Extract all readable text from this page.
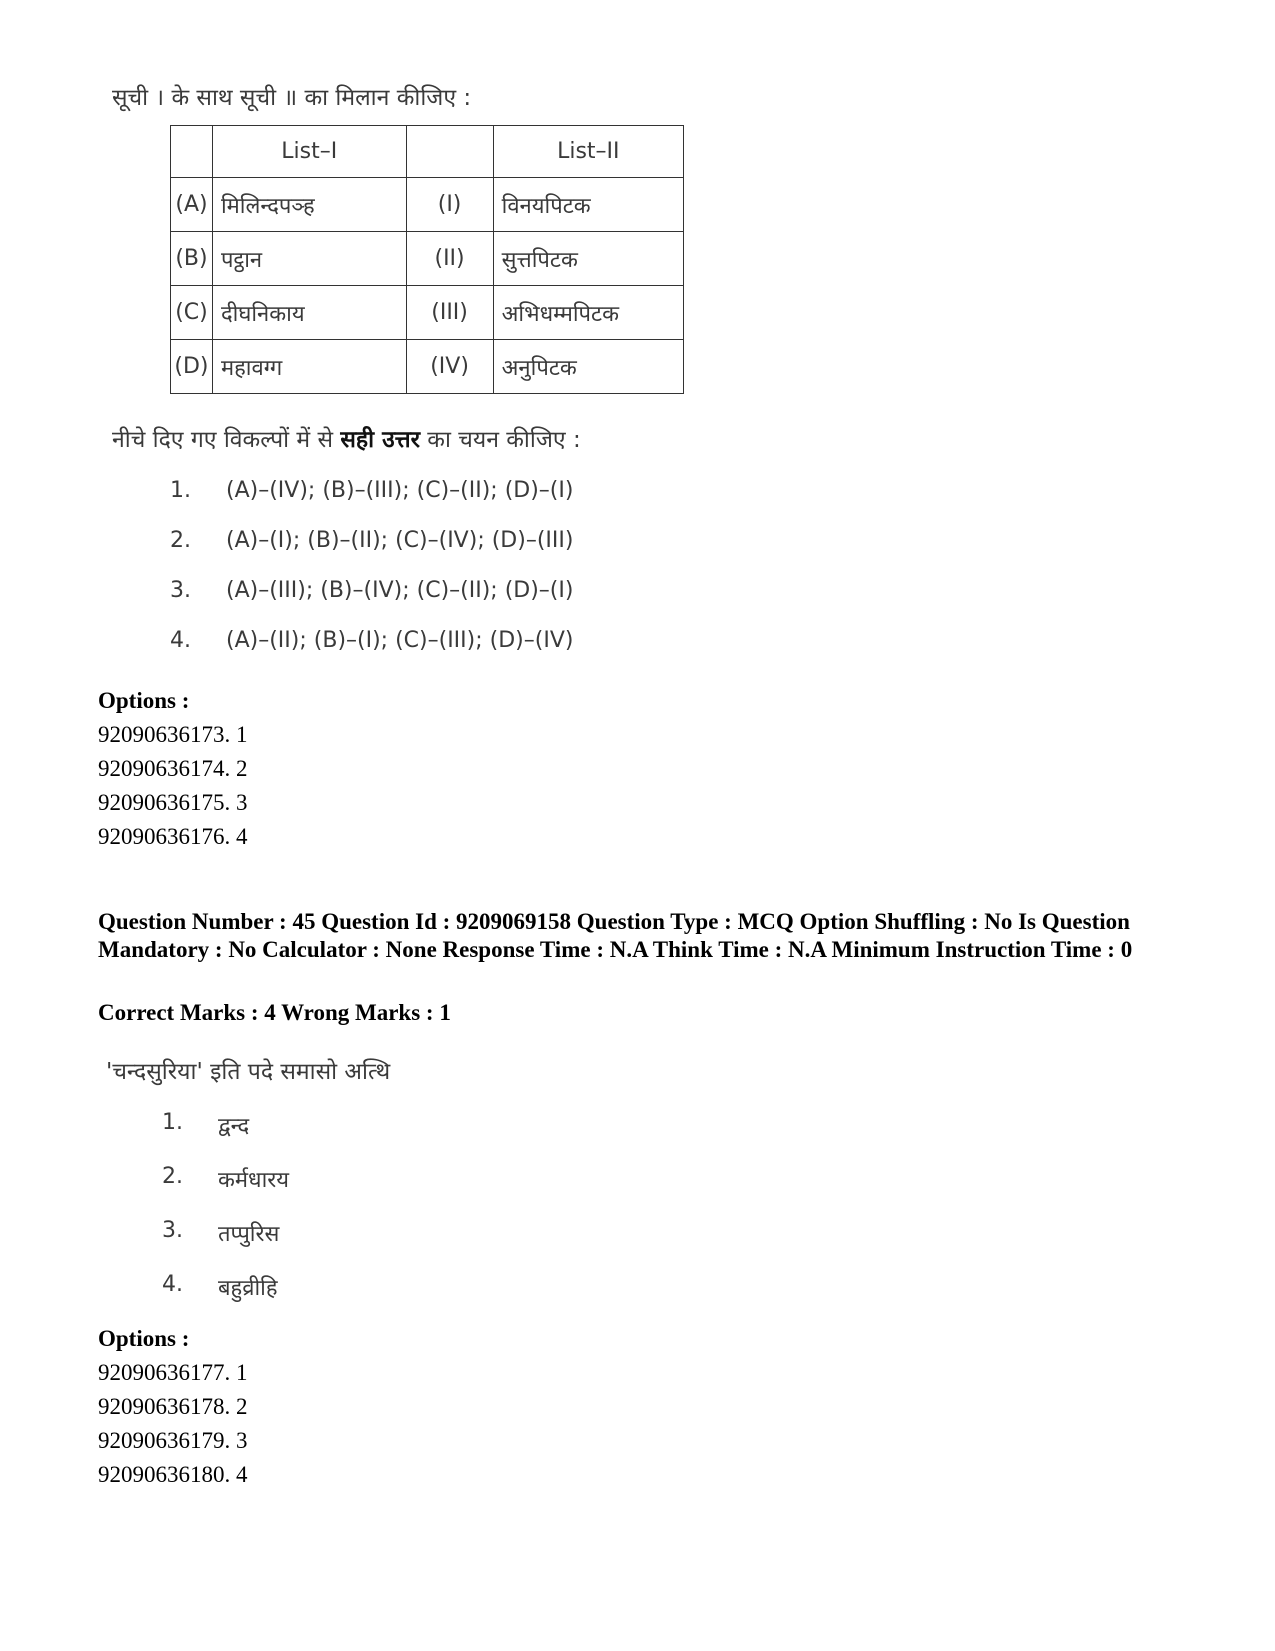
सूची । के साथ सूची ॥ का मिलान कीजिए :
	List–I		List–II
(A)	मिलिन्दपञ्ह	(I)	विनयपिटक
(B)	पट्ठान	(II)	सुत्तपिटक
(C)	दीघनिकाय	(III)	अभिधम्मपिटक
(D)	महावग्ग	(IV)	अनुपिटक
नीचे दिए गए विकल्पों में से सही उत्तर का चयन कीजिए :
1. (A)–(IV); (B)–(III); (C)–(II); (D)–(I)
2. (A)–(I); (B)–(II); (C)–(IV); (D)–(III)
3. (A)–(III); (B)–(IV); (C)–(II); (D)–(I)
4. (A)–(II); (B)–(I); (C)–(III); (D)–(IV)
Options :
92090636173. 1
92090636174. 2
92090636175. 3
92090636176. 4
Question Number : 45 Question Id : 9209069158 Question Type : MCQ Option Shuffling : No Is Question Mandatory : No Calculator : None Response Time : N.A Think Time : N.A Minimum Instruction Time : 0
Correct Marks : 4 Wrong Marks : 1
'चन्दसुरिया' इति पदे समासो अत्थि
1. द्वन्द
2. कर्मधारय
3. तप्पुरिस
4. बहुव्रीहि
Options :
92090636177. 1
92090636178. 2
92090636179. 3
92090636180. 4
